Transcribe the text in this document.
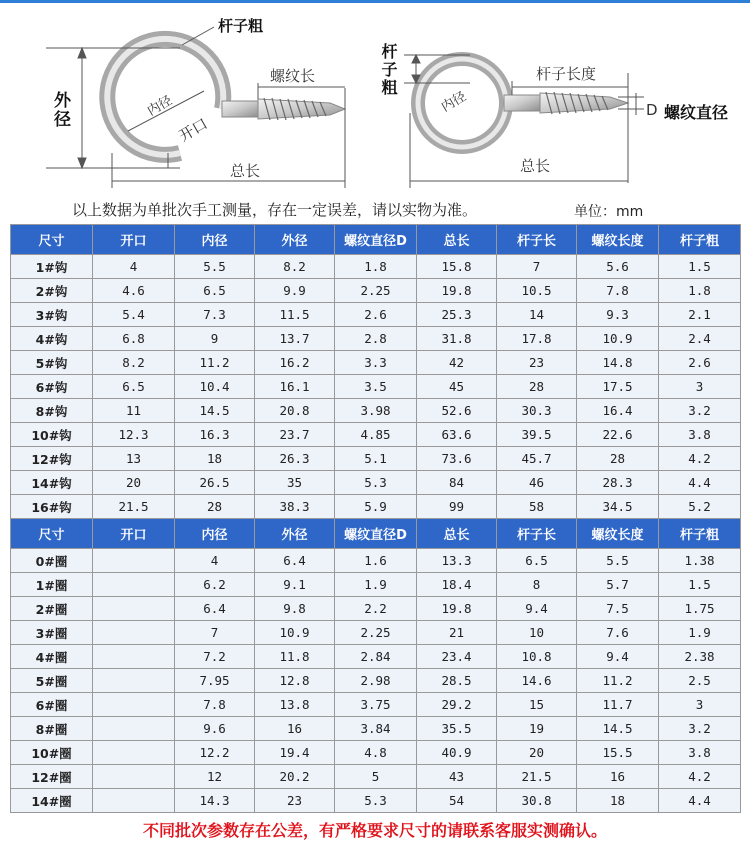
杆子粗
外径
螺纹长
内径
开口
总长
杆子粗	杆子长度
D 螺纹直径
内径
总长
以上数据为单批次手工测量，存在一定误差，请以实物为准。	单位：mm
尺寸	开口	内径	外径	螺纹直径D	总长	杆子长	螺纹长度	杆子粗
1#钩	4	5.5	8.2	1.8	15.8	7	5.6	1.5
2#钩	4.6	6.5	9.9	2.25	19.8	10.5	7.8	1.8
3#钩	5.4	7.3	11.5	2.6	25.3	14	9.3	2.1
4#钩	6.8	9	13.7	2.8	31.8	17.8	10.9	2.4
5#钩	8.2	11.2	16.2	3.3	42	23	14.8	2.6
6#钩	6.5	10.4	16.1	3.5	45	28	17.5	3
8#钩	11	14.5	20.8	3.98	52.6	30.3	16.4	3.2
10#钩	12.3	16.3	23.7	4.85	63.6	39.5	22.6	3.8
12#钩	13	18	26.3	5.1	73.6	45.7	28	4.2
14#钩	20	26.5	35	5.3	84	46	28.3	4.4
16#钩	21.5	28	38.3	5.9	99	58	34.5	5.2
尺寸	开口	内径	外径	螺纹直径D	总长	杆子长	螺纹长度	杆子粗
0#圈		4	6.4	1.6	13.3	6.5	5.5	1.38
1#圈		6.2	9.1	1.9	18.4	8	5.7	1.5
2#圈		6.4	9.8	2.2	19.8	9.4	7.5	1.75
3#圈		7	10.9	2.25	21	10	7.6	1.9
4#圈		7.2	11.8	2.84	23.4	10.8	9.4	2.38
5#圈		7.95	12.8	2.98	28.5	14.6	11.2	2.5
6#圈		7.8	13.8	3.75	29.2	15	11.7	3
8#圈		9.6	16	3.84	35.5	19	14.5	3.2
10#圈		12.2	19.4	4.8	40.9	20	15.5	3.8
12#圈		12	20.2	5	43	21.5	16	4.2
14#圈		14.3	23	5.3	54	30.8	18	4.4
不同批次参数存在公差，有严格要求尺寸的请联系客服实测确认。
